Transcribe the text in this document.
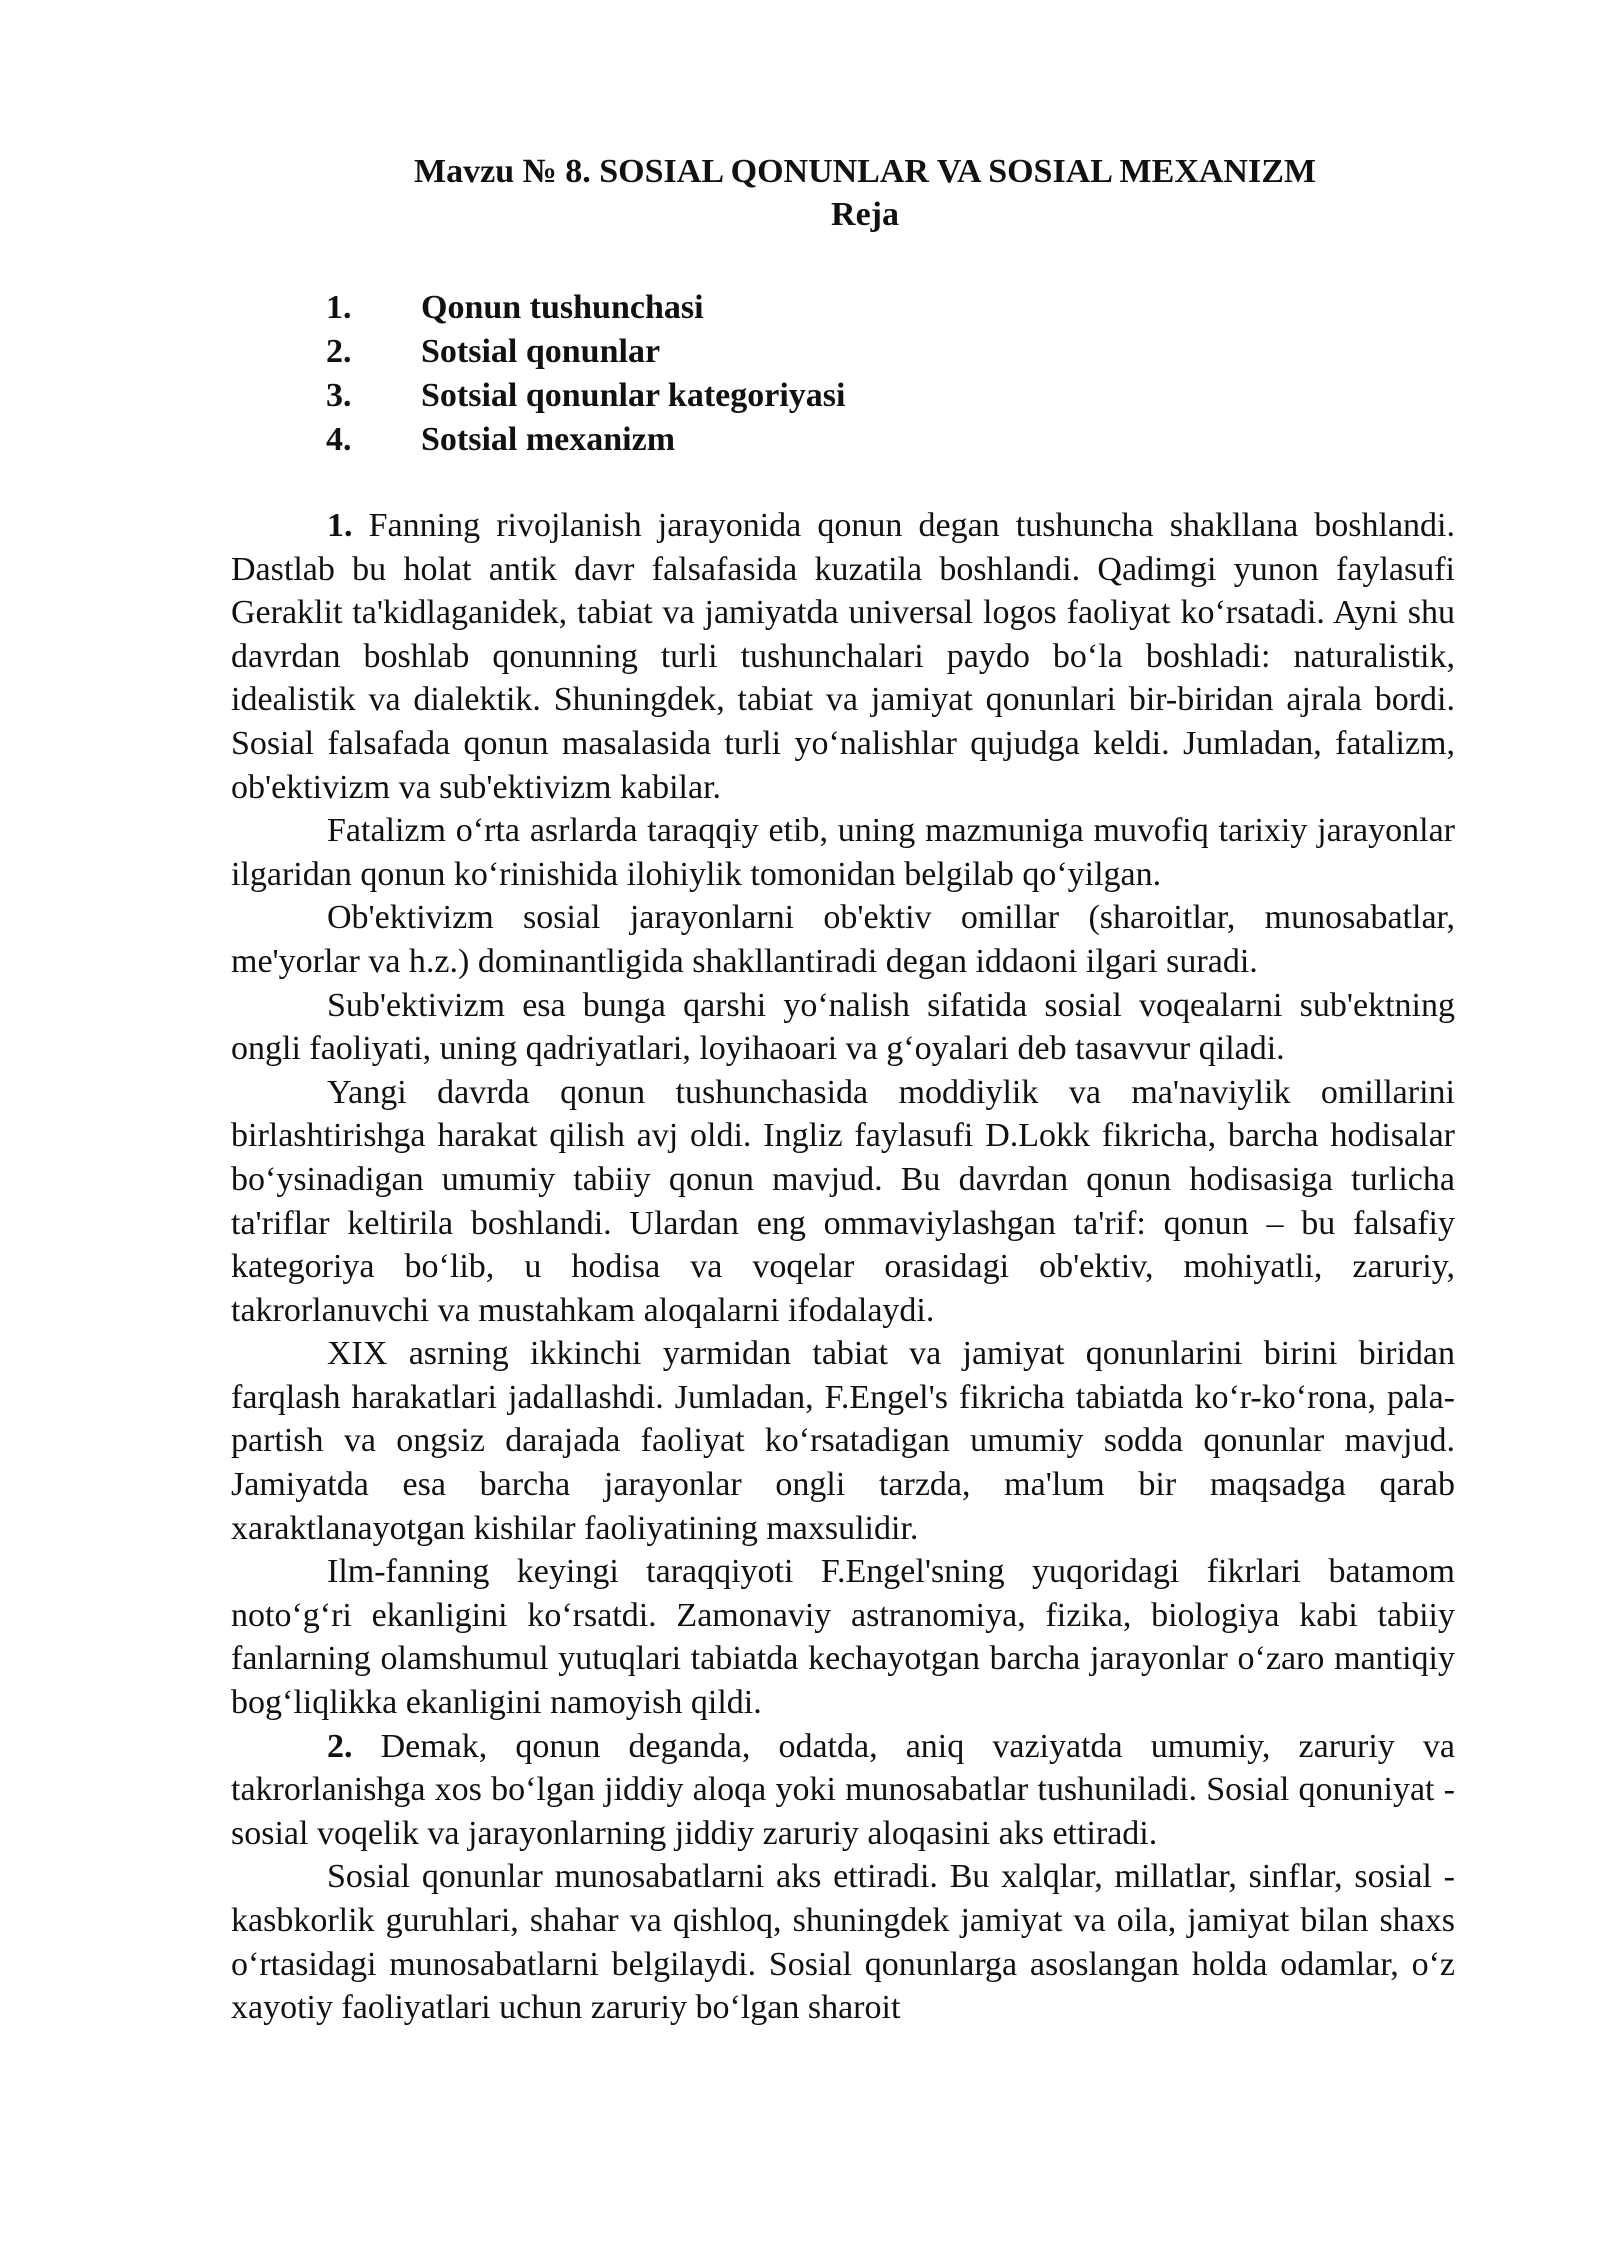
Mavzu № 8. SOSIAL QONUNLAR VA SOSIAL MEXANIZM
Reja
1.	Qonun tushunchasi
2.	Sotsial qonunlar
3.	Sotsial qonunlar kategoriyasi
4.	Sotsial mexanizm

1. Fanning rivojlanish jarayonida qonun degan tushuncha shakllana boshlandi. Dastlab bu holat antik davr falsafasida kuzatila boshlandi. Qadimgi yunon faylasufi Geraklit ta'kidlaganidek, tabiat va jamiyatda universal logos faoliyat ko‘rsatadi. Ayni shu davrdan boshlab qonunning turli tushunchalari paydo bo‘la boshladi: naturalistik, idealistik va dialektik. Shuningdek, tabiat va jamiyat qonunlari bir-biridan ajrala bordi. Sosial falsafada qonun masalasida turli yo‘nalishlar qujudga keldi. Jumladan, fatalizm, ob'ektivizm va sub'ektivizm kabilar.

Fatalizm o‘rta asrlarda taraqqiy etib, uning mazmuniga muvofiq tarixiy jarayonlar ilgaridan qonun ko‘rinishida ilohiylik tomonidan belgilab qo‘yilgan.

Ob'ektivizm sosial jarayonlarni ob'ektiv omillar (sharoitlar, munosabatlar, me'yorlar va h.z.) dominantligida shakllantiradi degan iddaoni ilgari suradi.

Sub'ektivizm esa bunga qarshi yo‘nalish sifatida sosial voqealarni sub'ektning ongli faoliyati, uning qadriyatlari, loyihaoari va g‘oyalari deb tasavvur qiladi.

Yangi davrda qonun tushunchasida moddiylik va ma'naviylik omillarini birlashtirishga harakat qilish avj oldi. Ingliz faylasufi D.Lokk fikricha, barcha hodisalar bo‘ysinadigan umumiy tabiiy qonun mavjud. Bu davrdan qonun hodisasiga turlicha ta'riflar keltirila boshlandi. Ulardan eng ommaviylashgan ta'rif: qonun – bu falsafiy kategoriya bo‘lib, u hodisa va voqelar orasidagi ob'ektiv, mohiyatli, zaruriy, takrorlanuvchi va mustahkam aloqalarni ifodalaydi.

XIX asrning ikkinchi yarmidan tabiat va jamiyat qonunlarini birini biridan farqlash harakatlari jadallashdi. Jumladan, F.Engel's fikricha tabiatda ko‘r-ko‘rona, pala-partish va ongsiz darajada faoliyat ko‘rsatadigan umumiy sodda qonunlar mavjud. Jamiyatda esa barcha jarayonlar ongli tarzda, ma'lum bir maqsadga qarab xaraktlanayotgan kishilar faoliyatining maxsulidir.

Ilm-fanning keyingi taraqqiyoti F.Engel'sning yuqoridagi fikrlari batamom noto‘g‘ri ekanligini ko‘rsatdi. Zamonaviy astranomiya, fizika, biologiya kabi tabiiy fanlarning olamshumul yutuqlari tabiatda kechayotgan barcha jarayonlar o‘zaro mantiqiy bog‘liqlikka ekanligini namoyish qildi.

2. Demak, qonun deganda, odatda, aniq vaziyatda umumiy, zaruriy va takrorlanishga xos bo‘lgan jiddiy aloqa yoki munosabatlar tushuniladi. Sosial qonuniyat - sosial voqelik va jarayonlarning jiddiy zaruriy aloqasini aks ettiradi.

Sosial qonunlar munosabatlarni aks ettiradi. Bu xalqlar, millatlar, sinflar, sosial - kasbkorlik guruhlari, shahar va qishloq, shuningdek jamiyat va oila, jamiyat bilan shaxs o‘rtasidagi munosabatlarni belgilaydi. Sosial qonunlarga asoslangan holda odamlar, o‘z xayotiy faoliyatlari uchun zaruriy bo‘lgan sharoit
